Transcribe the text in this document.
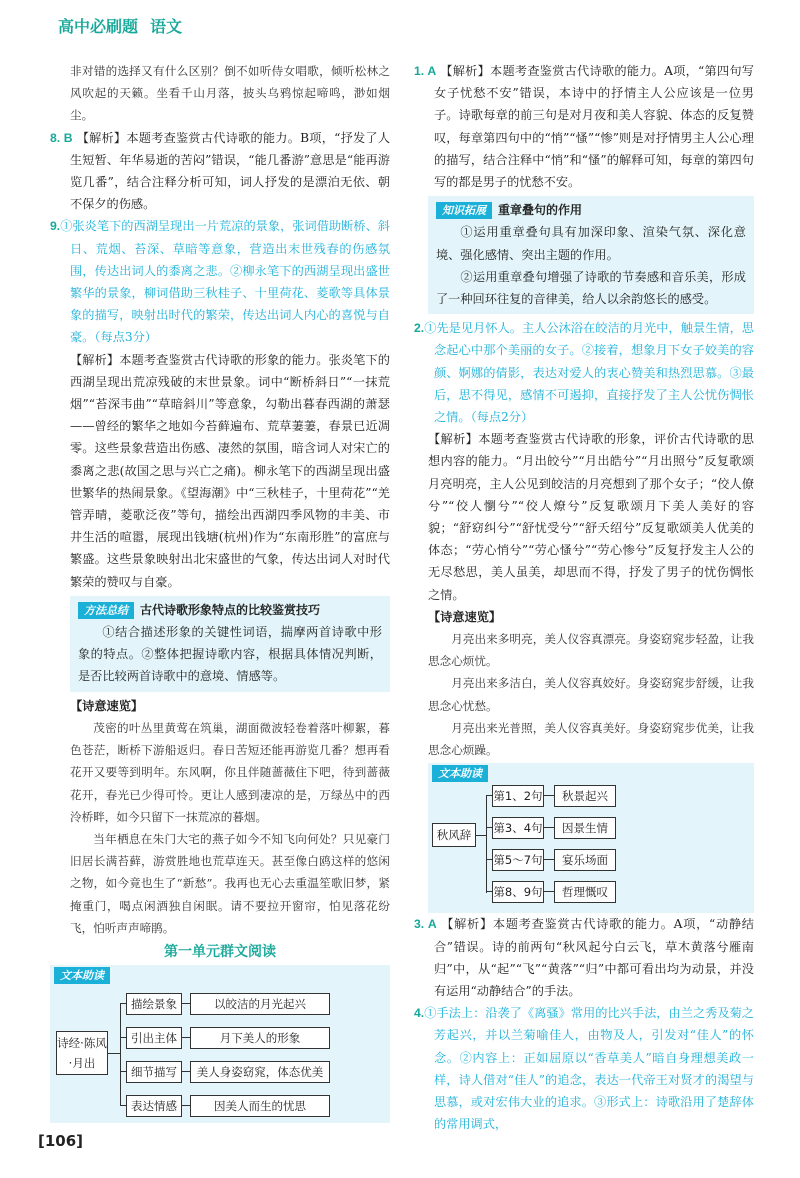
高中必刷题 语文

非对错的选择又有什么区别？倒不如听侍女唱歌，倾听松林之风吹起的天籁。坐看千山月落，披头乌鸦惊起啼鸣，渺如烟尘。

8. B 【解析】本题考查鉴赏古代诗歌的能力。B项，“抒发了人生短暂、年华易逝的苦闷”错误，“能几番游”意思是“能再游览几番”，结合注释分析可知，词人抒发的是漂泊无依、朝不保夕的伤感。

9.①张炎笔下的西湖呈现出一片荒凉的景象，张词借助断桥、斜日、荒烟、苔深、草暗等意象，营造出末世残春的伤感氛围，传达出词人的黍离之悲。②柳永笔下的西湖呈现出盛世繁华的景象，柳词借助三秋桂子、十里荷花、菱歌等具体景象的描写，映射出时代的繁荣，传达出词人内心的喜悦与自豪。（每点3分）

【解析】本题考查鉴赏古代诗歌的形象的能力。张炎笔下的西湖呈现出荒凉残破的末世景象。词中“断桥斜日”“一抹荒烟”“苔深韦曲”“草暗斜川”等意象，勾勒出暮春西湖的萧瑟——曾经的繁华之地如今苔藓遍布、荒草萋萋，春景已近凋零。这些景象营造出伤感、凄然的氛围，暗含词人对宋亡的黍离之悲(故国之思与兴亡之痛)。柳永笔下的西湖呈现出盛世繁华的热闹景象。《望海潮》中“三秋桂子，十里荷花”“羌管弄晴，菱歌泛夜”等句，描绘出西湖四季风物的丰美、市井生活的喧嚣，展现出钱塘(杭州)作为“东南形胜”的富庶与繁盛。这些景象映射出北宋盛世的气象，传达出词人对时代繁荣的赞叹与自豪。

方法总结 古代诗歌形象特点的比较鉴赏技巧

①结合描述形象的关键性词语，揣摩两首诗歌中形象的特点。②整体把握诗歌内容，根据具体情况判断，是否比较两首诗歌中的意境、情感等。

【诗意速览】

茂密的叶丛里黄莺在筑巢，湖面微波轻卷着落叶柳絮，暮色苍茫，断桥下游船返归。春日苦短还能再游览几番？想再看花开又要等到明年。东风啊，你且伴随蔷薇住下吧，待到蔷薇花开，春光已少得可怜。更让人感到凄凉的是，万绿丛中的西泠桥畔，如今只留下一抹荒凉的暮烟。

当年栖息在朱门大宅的燕子如今不知飞向何处？只见豪门旧居长满苔藓，游赏胜地也荒草连天。甚至像白鸥这样的悠闲之物，如今竟也生了“新愁”。我再也无心去重温笙歌旧梦，紧掩重门，喝点闲酒独自闲眠。请不要拉开窗帘，怕见落花纷飞，怕听声声啼鹃。

第一单元群文阅读
文本助读
诗经·陈风·月出
描绘景象	以皎洁的月光起兴
引出主体	月下美人的形象
细节描写	美人身姿窈窕，体态优美
表达情感	因美人而生的忧思

1. A 【解析】本题考查鉴赏古代诗歌的能力。A项，“第四句写女子忧愁不安”错误，本诗中的抒情主人公应该是一位男子。诗歌每章的前三句是对月夜和美人容貌、体态的反复赞叹，每章第四句中的“悄”“慅”“惨”则是对抒情男主人公心理的描写，结合注释中“悄”和“慅”的解释可知，每章的第四句写的都是男子的忧愁不安。

知识拓展 重章叠句的作用

①运用重章叠句具有加深印象、渲染气氛、深化意境、强化感情、突出主题的作用。

②运用重章叠句增强了诗歌的节奏感和音乐美，形成了一种回环往复的音律美，给人以余韵悠长的感受。

2.①先是见月怀人。主人公沐浴在皎洁的月光中，触景生情，思念起心中那个美丽的女子。②接着，想象月下女子姣美的容颜、婀娜的倩影，表达对爱人的衷心赞美和热烈思慕。③最后，思不得见，感情不可遏抑，直接抒发了主人公忧伤惆怅之情。（每点2分）

【解析】本题考查鉴赏古代诗歌的形象，评价古代诗歌的思想内容的能力。“月出皎兮”“月出皓兮”“月出照兮”反复歌颂月亮明亮，主人公见到皎洁的月亮想到了那个女子；“佼人僚兮”“佼人懰兮”“佼人燎兮”反复歌颂月下美人美好的容貌；“舒窈纠兮”“舒忧受兮”“舒夭绍兮”反复歌颂美人优美的体态；“劳心悄兮”“劳心慅兮”“劳心惨兮”反复抒发主人公的无尽愁思，美人虽美，却思而不得，抒发了男子的忧伤惆怅之情。

【诗意速览】

月亮出来多明亮，美人仪容真漂亮。身姿窈窕步轻盈，让我思念心烦忧。

月亮出来多洁白，美人仪容真姣好。身姿窈窕步舒缓，让我思念心忧愁。

月亮出来光普照，美人仪容真美好。身姿窈窕步优美，让我思念心烦躁。

文本助读
秋风辞
第1、2句	秋景起兴
第3、4句	因景生情
第5～7句	宴乐场面
第8、9句	哲理慨叹

3. A 【解析】本题考查鉴赏古代诗歌的能力。A项，“动静结合”错误。诗的前两句“秋风起兮白云飞，草木黄落兮雁南归”中，从“起”“飞”“黄落”“归”中都可看出均为动景，并没有运用“动静结合”的手法。

4.①手法上：沿袭了《离骚》常用的比兴手法，由兰之秀及菊之芳起兴，并以兰菊喻佳人，由物及人，引发对“佳人”的怀念。②内容上：正如屈原以“香草美人”暗自身理想美政一样，诗人借对“佳人”的追念，表达一代帝王对贤才的渴望与思慕，或对宏伟大业的追求。③形式上：诗歌沿用了楚辞体的常用调式，

[106]
